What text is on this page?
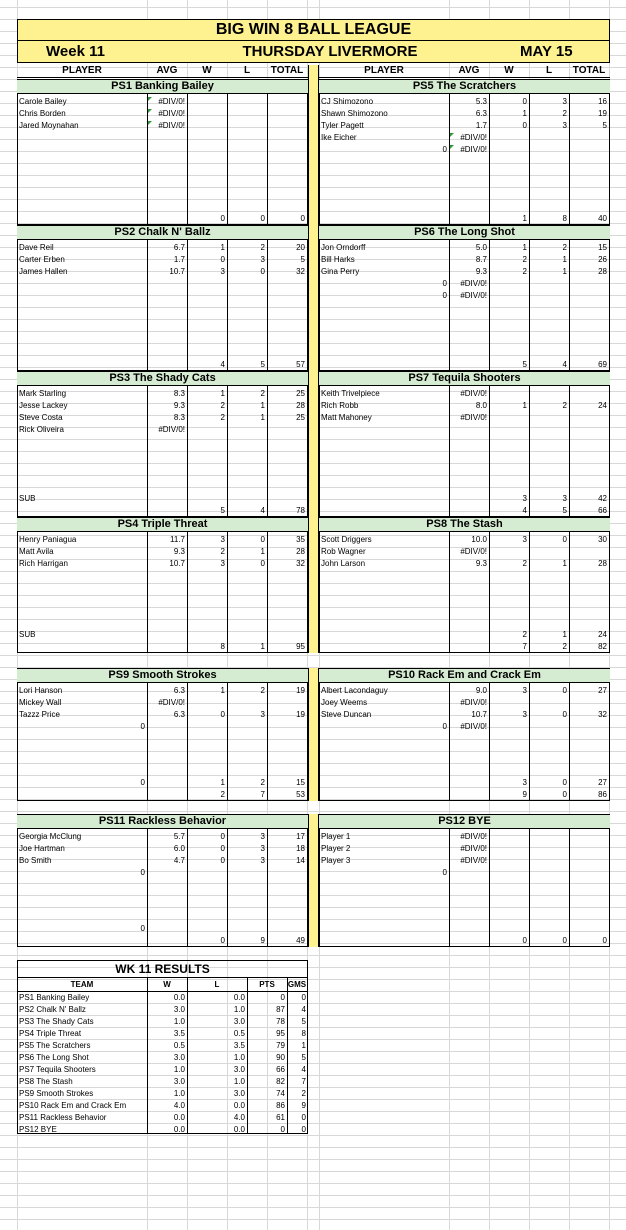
BIG WIN 8 BALL LEAGUE
Week 11	THURSDAY LIVERMORE	MAY 15
PLAYER	AVG	W	L	TOTAL	PLAYER	AVG	W	L	TOTAL
PS1 Banking Bailey
Carole Bailey	#DIV/0!
Chris Borden	#DIV/0!
Jared Moynahan	#DIV/0!
0	0	0
PS5 The Scratchers
CJ Shimozono	5.3	0	3	16
Shawn Shimozono	6.3	1	2	19
Tyler Pagett	1.7	0	3	5
Ike Eicher	#DIV/0!
0	#DIV/0!
1	8	40
PS2 Chalk N' Ballz
Dave Reil	6.7	1	2	20
Carter Erben	1.7	0	3	5
James Hallen	10.7	3	0	32
4	5	57
PS6 The Long Shot
Jon Orndorff	5.0	1	2	15
Bill Harks	8.7	2	1	26
Gina Perry	9.3	2	1	28
0	#DIV/0!
0	#DIV/0!
5	4	69
PS3 The Shady Cats
Mark Starling	8.3	1	2	25
Jesse Lackey	9.3	2	1	28
Steve Costa	8.3	2	1	25
Rick Oliveira	#DIV/0!
SUB
5	4	78
PS7 Tequila Shooters
Keith Trivelpiece	#DIV/0!
Rich Robb	8.0	1	2	24
Matt Mahoney	#DIV/0!
3	3	42
4	5	66
PS4 Triple Threat
Henry Paniagua	11.7	3	0	35
Matt Avila	9.3	2	1	28
Rich Harrigan	10.7	3	0	32
SUB
8	1	95
PS8 The Stash
Scott Driggers	10.0	3	0	30
Rob Wagner	#DIV/0!
John Larson	9.3	2	1	28
2	1	24
7	2	82
PS9 Smooth Strokes
Lori Hanson	6.3	1	2	19
Mickey Wall	#DIV/0!
Tazzz Price	6.3	0	3	19
0
0	1	2	15
2	7	53
PS10 Rack Em and Crack Em
Albert Lacondaguy	9.0	3	0	27
Joey Weems	#DIV/0!
Steve Duncan	10.7	3	0	32
0	#DIV/0!
3	0	27
9	0	86
PS11 Rackless Behavior
Georgia McClung	5.7	0	3	17
Joe Hartman	6.0	0	3	18
Bo Smith	4.7	0	3	14
0
0
0	9	49
PS12 BYE
Player 1	#DIV/0!
Player 2	#DIV/0!
Player 3	#DIV/0!
0
0	0	0
WK 11 RESULTS
TEAM	W	L	PTS	GMS
PS1 Banking Bailey	0.0	0.0	0	0
PS2 Chalk N' Ballz	3.0	1.0	87	4
PS3 The Shady Cats	1.0	3.0	78	5
PS4 Triple Threat	3.5	0.5	95	8
PS5 The Scratchers	0.5	3.5	79	1
PS6 The Long Shot	3.0	1.0	90	5
PS7 Tequila Shooters	1.0	3.0	66	4
PS8 The Stash	3.0	1.0	82	7
PS9 Smooth Strokes	1.0	3.0	74	2
PS10 Rack Em and Crack Em	4.0	0.0	86	9
PS11 Rackless Behavior	0.0	4.0	61	0
PS12 BYE	0.0	0.0	0	0
